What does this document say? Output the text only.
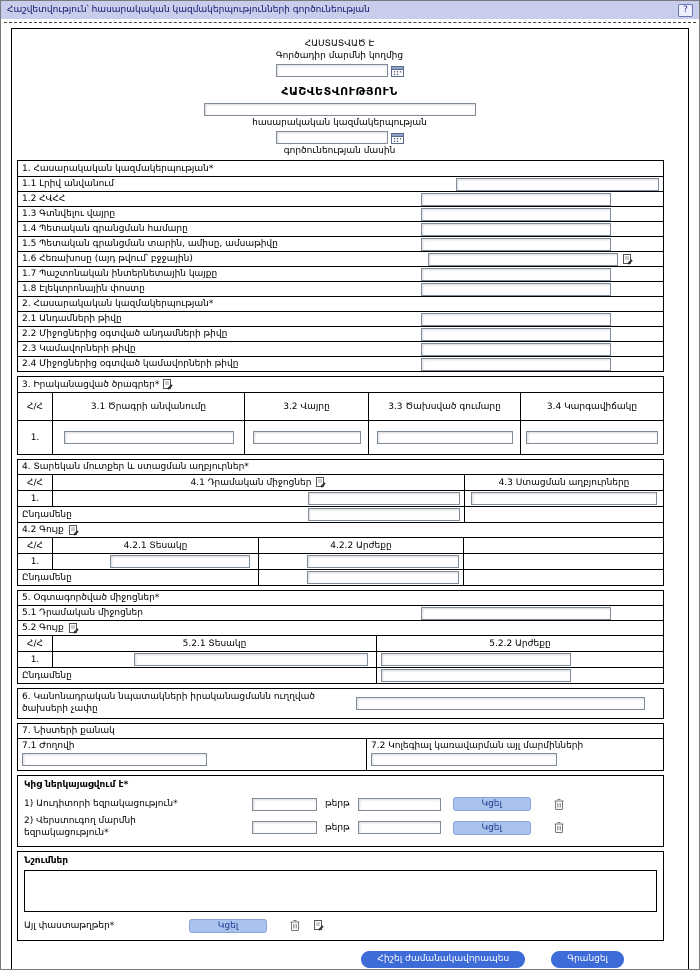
Հաշվետվություն՝ հասարակական կազմակերպությունների գործունեության	?
ՀԱՍՏԱՏՎԱԾ Է
Գործադիր մարմնի կողմից
ՀԱՇՎԵՏՎՈՒԹՅՈՒՆ
հասարակական կազմակերպության
գործունեության մասին
1. Հասարակական կազմակերպության*
1.1 Լրիվ անվանում
1.2 ՀՎՀՀ
1.3 Գտնվելու վայրը
1.4 Պետական գրանցման համարը
1.5 Պետական գրանցման տարին, ամիսը, ամսաթիվը
1.6 Հեռախոսը (այդ թվում՝ բջջային)
1.7 Պաշտոնական ինտերնետային կայքը
1.8 Էլեկտրոնային փոստը
2. Հասարակական կազմակերպության*
2.1 Անդամների թիվը
2.2 Միջոցներից օգտված անդամների թիվը
2.3 Կամավորների թիվը
2.4 Միջոցներից օգտված կամավորների թիվը
3. Իրականացված ծրագրեր*
Հ/Հ	3.1 Ծրագրի անվանումը	3.2 Վայրը	3.3 Ծախսված գումարը	3.4 Կարգավիճակը
1.
4. Տարեկան մուտքեր և ստացման աղբյուրներ*
Հ/Հ	4.1 Դրամական միջոցներ	4.3 Ստացման աղբյուրները
1.
Ընդամենը
4.2 Գույք
Հ/Հ	4.2.1 Տեսակը	4.2.2 Արժեքը
1.
Ընդամենը
5. Օգտագործված միջոցներ*
5.1 Դրամական միջոցներ
5.2 Գույք
Հ/Հ	5.2.1 Տեսակը	5.2.2 Արժեքը
1.
Ընդամենը
6. Կանոնադրական նպատակների իրականացմանն ուղղված ծախսերի չափը
7. Նիստերի քանակ
7.1 Ժողովի	7.2 Կոլեգիալ կառավարման այլ մարմինների
Կից ներկայացվում է*
1) Աուդիտորի եզրակացություն*	թերթ	Կցել
2) Վերստուգող մարմնի եզրակացություն*	թերթ	Կցել
Նշումներ
Այլ փաստաթղթեր*	Կցել
Հիշել ժամանակավորապես	Գրանցել
